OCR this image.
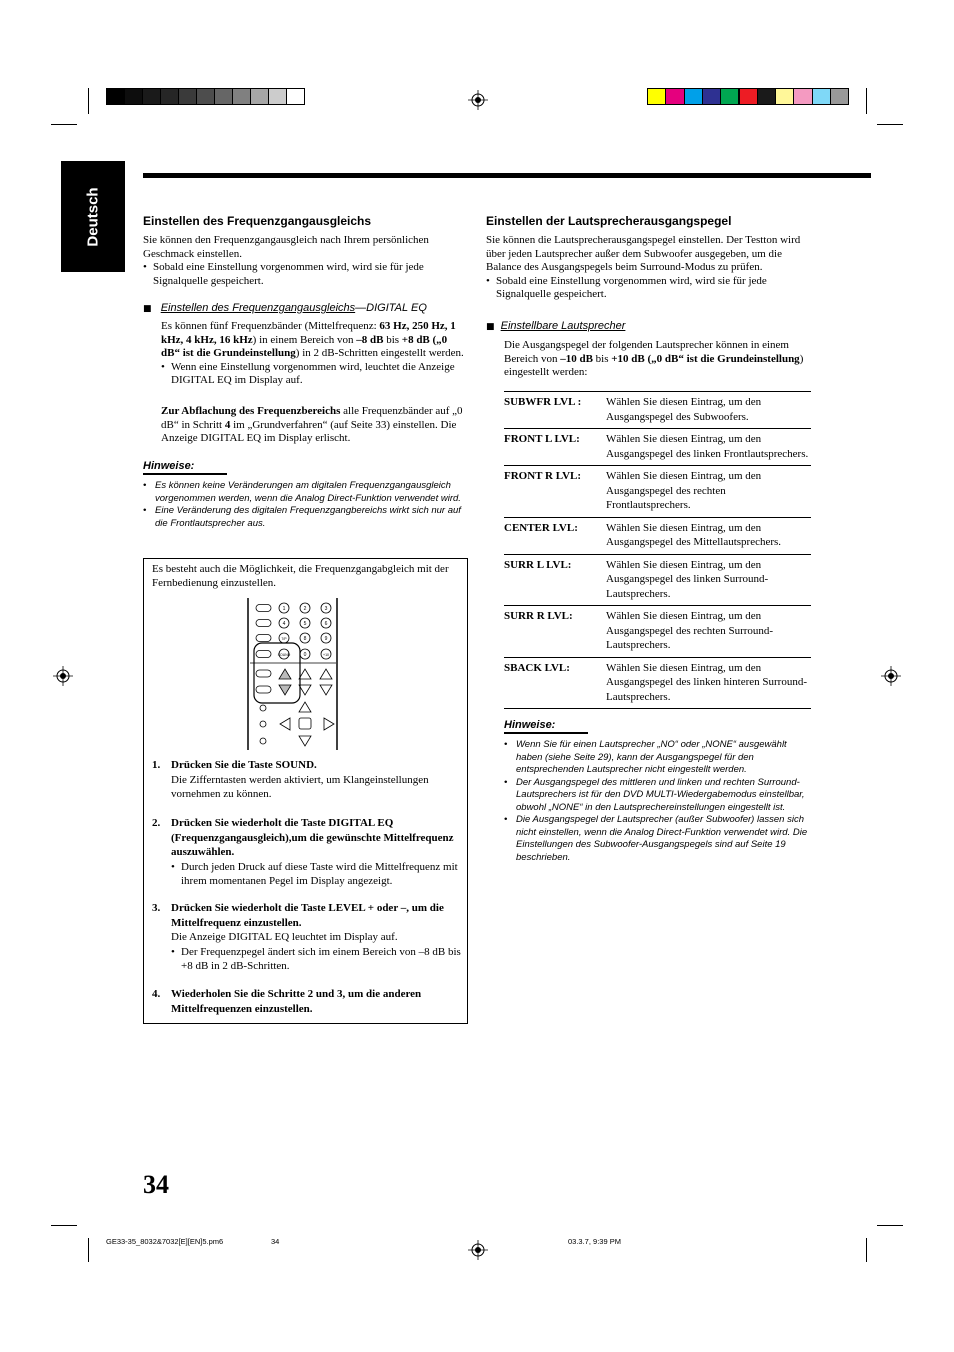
Deutsch	Einstellen des Frequenzgangausgleichs
Sie können den Frequenzgangausgleich nach Ihrem persönlichen Geschmack einstellen.
• Sobald eine Einstellung vorgenommen wird, wird sie für jede Signalquelle gespeichert.
■ Einstellen des Frequenzgangausgleichs—DIGITAL EQ
Es können fünf Frequenzbänder (Mittelfrequenz: 63 Hz, 250 Hz, 1 kHz, 4 kHz, 16 kHz) in einem Bereich von –8 dB bis +8 dB („0 dB“ ist die Grundeinstellung) in 2 dB-Schritten eingestellt werden.
• Wenn eine Einstellung vorgenommen wird, leuchtet die Anzeige DIGITAL EQ im Display auf.
Zur Abflachung des Frequenzbereichs alle Frequenzbänder auf „0 dB“ in Schritt 4 im „Grundverfahren“ (auf Seite 33) einstellen. Die Anzeige DIGITAL EQ im Display erlischt.
Hinweise:
• Es können keine Veränderungen am digitalen Frequenzgangausgleich vorgenommen werden, wenn die Analog Direct-Funktion verwendet wird.
• Eine Veränderung des digitalen Frequenzgangbereichs wirkt sich nur auf die Frontlautsprecher aus.
Es besteht auch die Möglichkeit, die Frequenzgangabgleich mit der Fernbedienung einzustellen.
1	2	3
4	5	6
7/P	8	9
SOUND	0	+10
1. Drücken Sie die Taste SOUND.
Die Zifferntasten werden aktiviert, um Klangeinstellungen vornehmen zu können.
2. Drücken Sie wiederholt die Taste DIGITAL EQ (Frequenzgangausgleich),um die gewünschte Mittelfrequenz auszuwählen.
• Durch jeden Druck auf diese Taste wird die Mittelfrequenz mit ihrem momentanen Pegel im Display angezeigt.
3. Drücken Sie wiederholt die Taste LEVEL + oder –, um die Mittelfrequenz einzustellen.
Die Anzeige DIGITAL EQ leuchtet im Display auf.
• Der Frequenzpegel ändert sich im einem Bereich von –8 dB bis +8 dB in 2 dB-Schritten.
4. Wiederholen Sie die Schritte 2 und 3, um die anderen Mittelfrequenzen einzustellen.
Einstellen der Lautsprecherausgangspegel
Sie können die Lautsprecherausgangspegel einstellen. Der Testton wird über jeden Lautsprecher außer dem Subwoofer ausgegeben, um die Balance des Ausgangspegels beim Surround-Modus zu prüfen.
• Sobald eine Einstellung vorgenommen wird, wird sie für jede Signalquelle gespeichert.
■ Einstellbare Lautsprecher
Die Ausgangspegel der folgenden Lautsprecher können in einem Bereich von –10 dB bis +10 dB („0 dB“ ist die Grundeinstellung) eingestellt werden:
SUBWFR LVL :	Wählen Sie diesen Eintrag, um den Ausgangspegel des Subwoofers.
FRONT L LVL:	Wählen Sie diesen Eintrag, um den Ausgangspegel des linken Frontlautsprechers.
FRONT R LVL:	Wählen Sie diesen Eintrag, um den Ausgangspegel des rechten Frontlautsprechers.
CENTER LVL:	Wählen Sie diesen Eintrag, um den Ausgangspegel des Mittellautsprechers.
SURR L LVL:	Wählen Sie diesen Eintrag, um den Ausgangspegel des linken Surround-Lautsprechers.
SURR R LVL:	Wählen Sie diesen Eintrag, um den Ausgangspegel des rechten Surround-Lautsprechers.
SBACK LVL:	Wählen Sie diesen Eintrag, um den Ausgangspegel des linken hinteren Surround-Lautsprechers.
Hinweise:
• Wenn Sie für einen Lautsprecher „NO“ oder „NONE“ ausgewählt haben (siehe Seite 29), kann der Ausgangspegel für den entsprechenden Lautsprecher nicht eingestellt werden.
• Der Ausgangspegel des mittleren und linken und rechten Surround-Lautsprechers ist für den DVD MULTI-Wiedergabemodus einstellbar, obwohl „NONE“ in den Lautsprechereinstellungen eingestellt ist.
• Die Ausgangspegel der Lautsprecher (außer Subwoofer) lassen sich nicht einstellen, wenn die Analog Direct-Funktion verwendet wird. Die Einstellungen des Subwoofer-Ausgangspegels sind auf Seite 19 beschrieben.
34
GE33-35_8032&7032[E][EN]5.pm6	34	03.3.7, 9:39 PM
